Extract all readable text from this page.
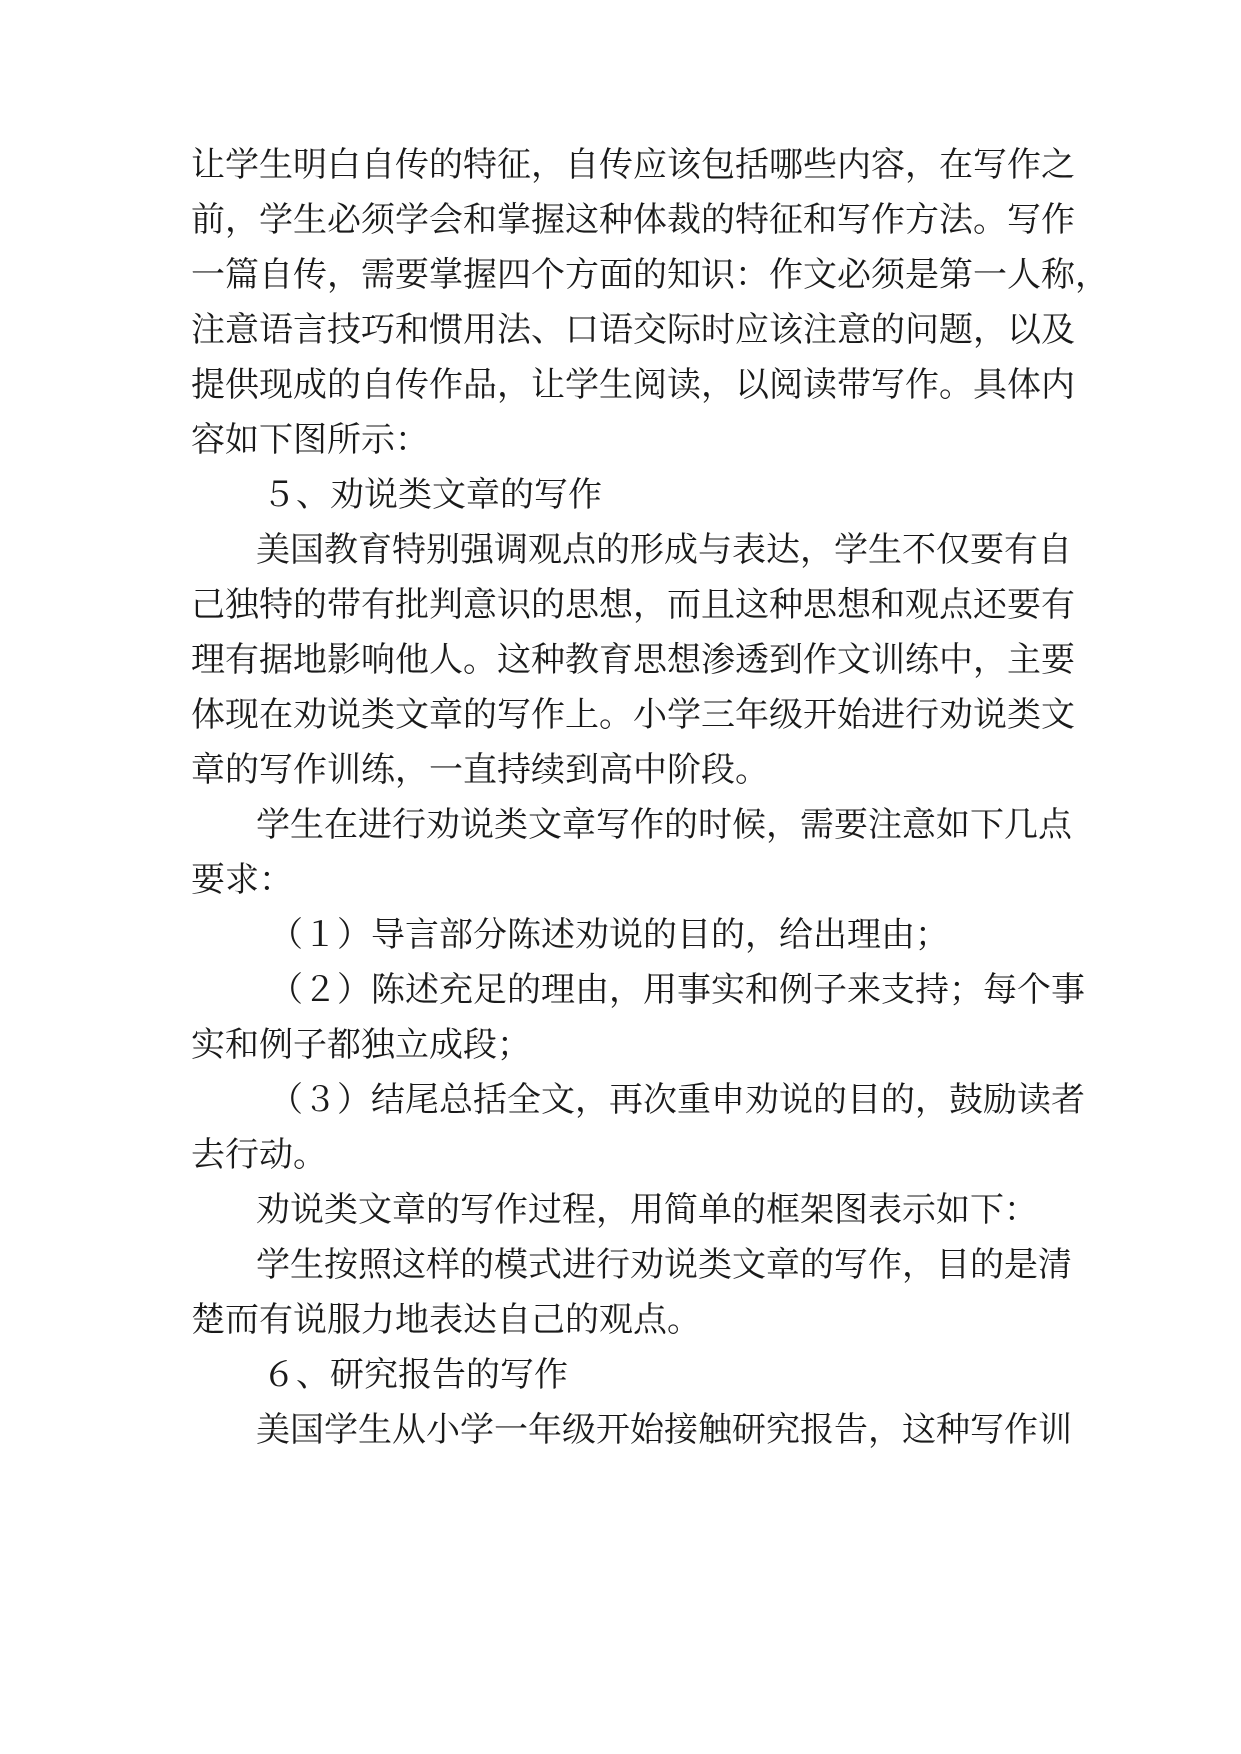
让学生明白自传的特征，自传应该包括哪些内容，在写作之
前，学生必须学会和掌握这种体裁的特征和写作方法。写作
一篇自传，需要掌握四个方面的知识：作文必须是第一人称，
注意语言技巧和惯用法、口语交际时应该注意的问题，以及
提供现成的自传作品，让学生阅读，以阅读带写作。具体内
容如下图所示：
５、劝说类文章的写作
美国教育特别强调观点的形成与表达，学生不仅要有自
己独特的带有批判意识的思想，而且这种思想和观点还要有
理有据地影响他人。这种教育思想渗透到作文训练中，主要
体现在劝说类文章的写作上。小学三年级开始进行劝说类文
章的写作训练，一直持续到高中阶段。
学生在进行劝说类文章写作的时候，需要注意如下几点
要求：
（１）导言部分陈述劝说的目的，给出理由；
（２）陈述充足的理由，用事实和例子来支持；每个事
实和例子都独立成段；
（３）结尾总括全文，再次重申劝说的目的，鼓励读者
去行动。
劝说类文章的写作过程，用简单的框架图表示如下：
学生按照这样的模式进行劝说类文章的写作，目的是清
楚而有说服力地表达自己的观点。
６、研究报告的写作
美国学生从小学一年级开始接触研究报告，这种写作训
